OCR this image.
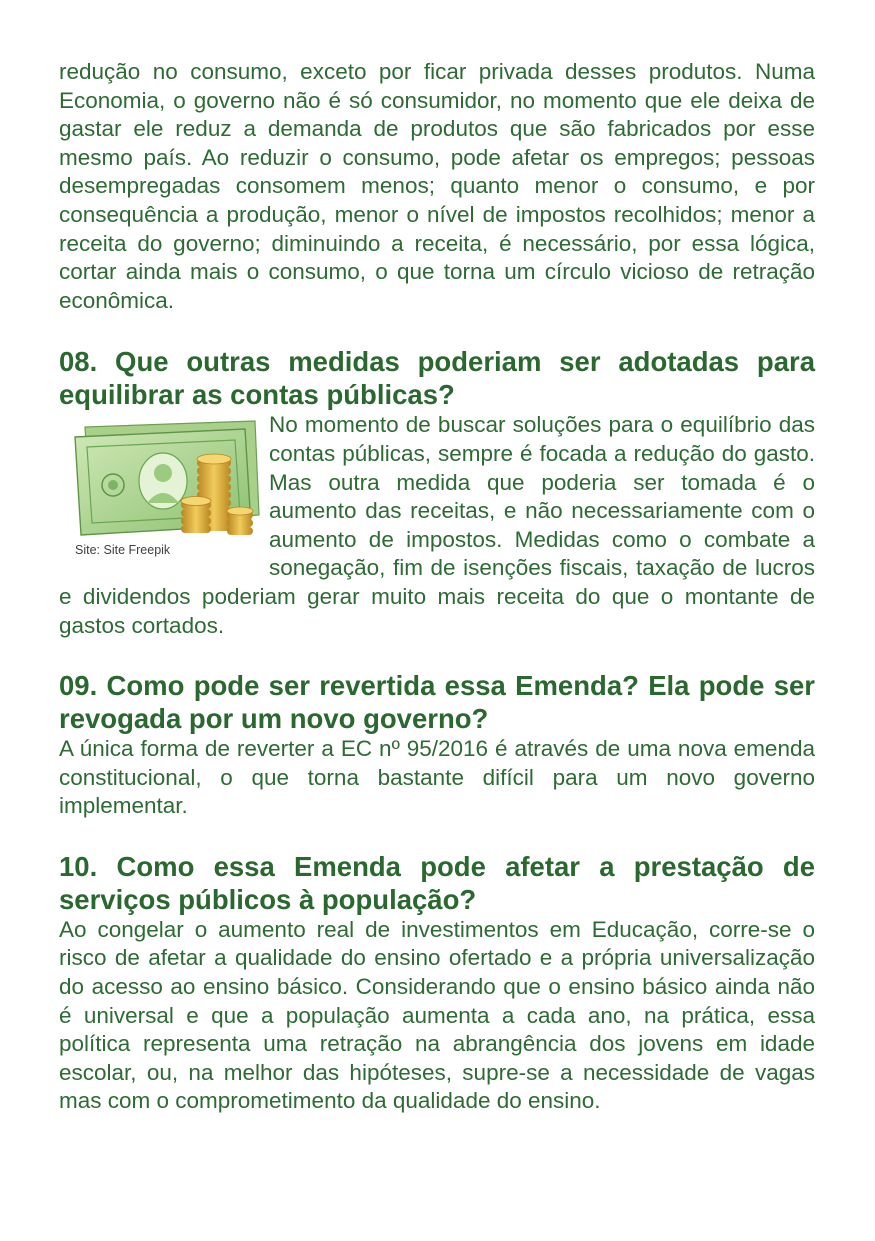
redução no consumo, exceto por ficar privada desses produtos. Numa Economia, o governo não é só consumidor, no momento que ele deixa de gastar ele reduz a demanda de produtos que são fabricados por esse mesmo país. Ao reduzir o consumo, pode afetar os empregos; pessoas desempregadas consomem menos; quanto menor o consumo, e por consequência a produção, menor o nível de impostos recolhidos; menor a receita do governo; diminuindo a receita, é necessário, por essa lógica, cortar ainda mais o consumo, o que torna um círculo vicioso de retração econômica.

08. Que outras medidas poderiam ser adotadas para equilibrar as contas públicas?
Site: Site Freepik

No momento de buscar soluções para o equilíbrio das contas públicas, sempre é focada a redução do gasto. Mas outra medida que poderia ser tomada é o aumento das receitas, e não necessariamente com o aumento de impostos. Medidas como o combate a sonegação, fim de isenções fiscais, taxação de lucros e dividendos poderiam gerar muito mais receita do que o montante de gastos cortados.

09. Como pode ser revertida essa Emenda? Ela pode ser revogada por um novo governo?

A única forma de reverter a EC nº 95/2016 é através de uma nova emenda constitucional, o que torna bastante difícil para um novo governo implementar.

10. Como essa Emenda pode afetar a prestação de serviços públicos à população?

Ao congelar o aumento real de investimentos em Educação, corre-se o risco de afetar a qualidade do ensino ofertado e a própria universalização do acesso ao ensino básico. Considerando que o ensino básico ainda não é universal e que a população aumenta a cada ano, na prática, essa política representa uma retração na abrangência dos jovens em idade escolar, ou, na melhor das hipóteses, supre-se a necessidade de vagas mas com o comprometimento da qualidade do ensino.
